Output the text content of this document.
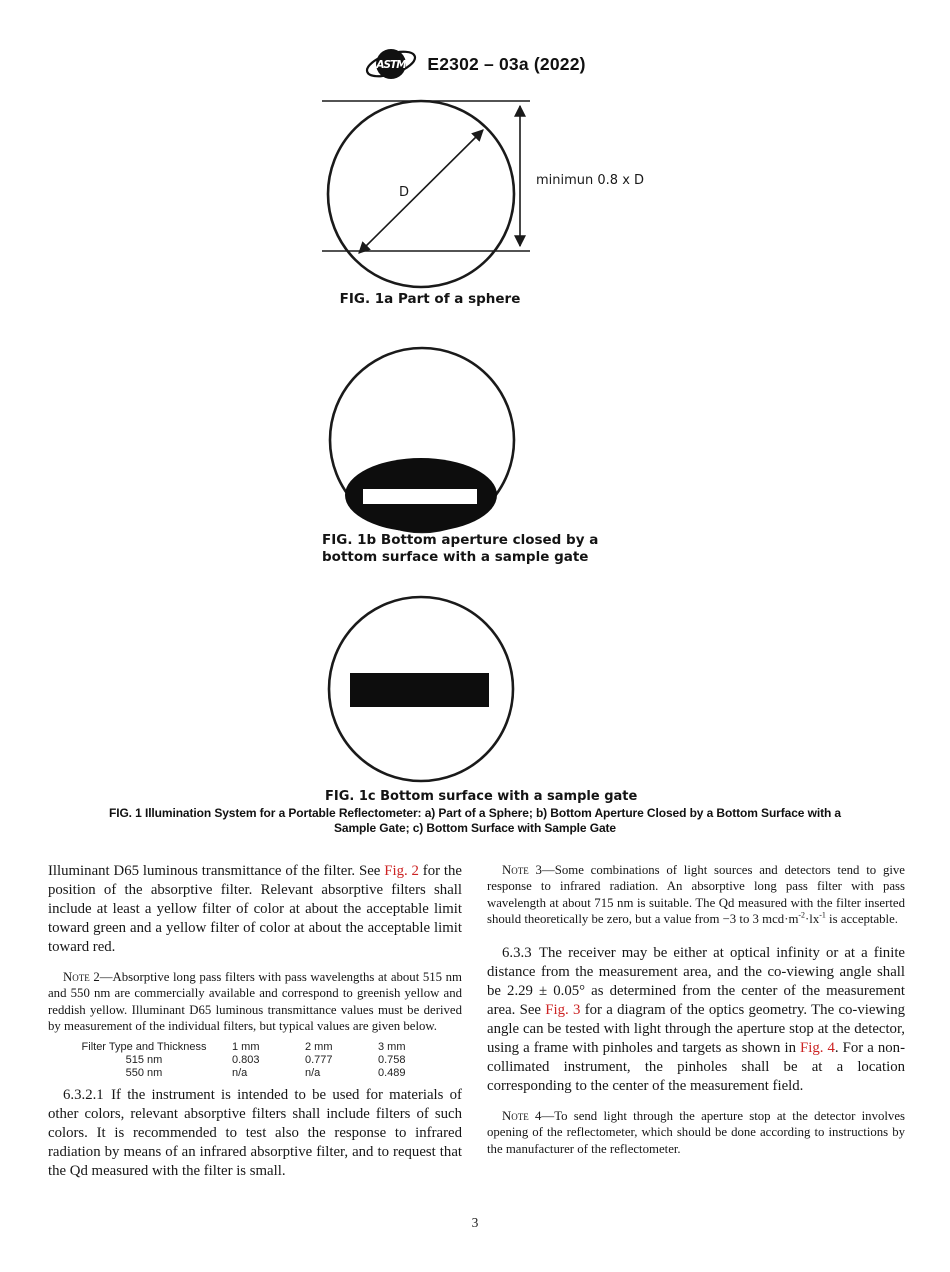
ASTM E2302 – 03a (2022)
D
minimun 0.8 x D
FIG. 1a Part of a sphere
FIG. 1b Bottom aperture closed by a
bottom surface with a sample gate
FIG. 1c Bottom surface with a sample gate
FIG. 1 Illumination System for a Portable Reflectometer: a) Part of a Sphere; b) Bottom Aperture Closed by a Bottom Surface with a
Sample Gate; c) Bottom Surface with Sample Gate

Illuminant D65 luminous transmittance of the filter. See Fig. 2 for the position of the absorptive filter. Relevant absorptive filters shall include at least a yellow filter of color at about the acceptable limit toward green and a yellow filter of color at about the acceptable limit toward red.

Note 2—Absorptive long pass filters with pass wavelengths at about 515 nm and 550 nm are commercially available and correspond to greenish yellow and reddish yellow. Illuminant D65 luminous transmittance values must be derived by measurement of the individual filters, but typical values are given below.

Filter Type and Thickness	1 mm	2 mm	3 mm
515 nm	0.803	0.777	0.758
550 nm	n/a	n/a	0.489

6.3.2.1 If the instrument is intended to be used for materials of other colors, relevant absorptive filters shall include filters of such colors. It is recommended to test also the response to infrared radiation by means of an infrared absorptive filter, and to request that the Qd measured with the filter is small.

Note 3—Some combinations of light sources and detectors tend to give response to infrared radiation. An absorptive long pass filter with pass wavelength at about 715 nm is suitable. The Qd measured with the filter inserted should theoretically be zero, but a value from −3 to 3 $mcd\cdot m^{-2}\cdot lx^{-1}$ is acceptable.

6.3.3 The receiver may be either at optical infinity or at a finite distance from the measurement area, and the co-viewing angle shall be 2.29 ± 0.05° as determined from the center of the measurement area. See Fig. 3 for a diagram of the optics geometry. The co-viewing angle can be tested with light through the aperture stop at the detector, using a frame with pinholes and targets as shown in Fig. 4. For a non-collimated instrument, the pinholes shall be at a location corresponding to the center of the measurement field.

Note 4—To send light through the aperture stop at the detector involves opening of the reflectometer, which should be done according to instructions by the manufacturer of the reflectometer.

3
